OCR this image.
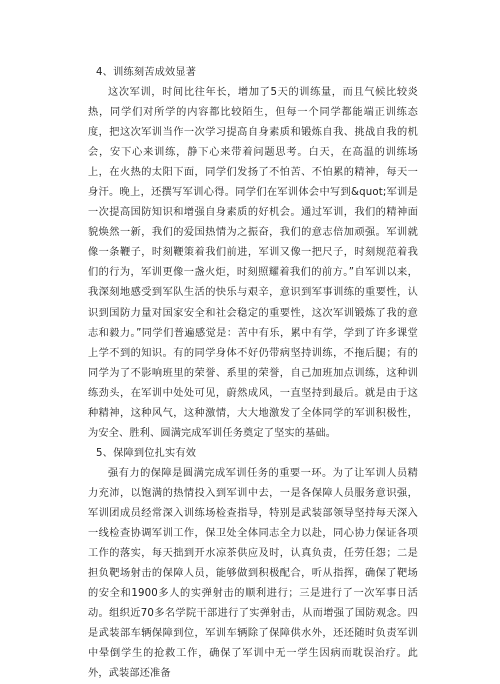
4、训练刻苦成效显著

这次军训，时间比往年长，增加了5天的训练量，而且气候比较炎热，同学们对所学的内容都比较陌生，但每一个同学都能端正训练态度，把这次军训当作一次学习提高自身素质和锻炼自我、挑战自我的机会，安下心来训练，静下心来带着问题思考。白天，在高温的训练场上，在火热的太阳下面，同学们发扬了不怕苦、不怕累的精神，每天一身汗。晚上，还撰写军训心得。同学们在军训体会中写到&quot;军训是一次提高国防知识和增强自身素质的好机会。通过军训，我们的精神面貌焕然一新，我们的爱国热情为之振奋，我们的意志倍加顽强。军训就像一条鞭子，时刻鞭策着我们前进，军训又像一把尺子，时刻规范着我们的行为，军训更像一盏火炬，时刻照耀着我们的前方。”自军训以来，我深刻地感受到军队生活的快乐与艰辛，意识到军事训练的重要性，认识到国防力量对国家安全和社会稳定的重要性，这次军训锻炼了我的意志和毅力。”同学们普遍感觉是：苦中有乐，累中有学，学到了许多课堂上学不到的知识。有的同学身体不好仍带病坚持训练，不拖后腿；有的同学为了不影响班里的荣誉、系里的荣誉，自己加班加点训练，这种训练劲头，在军训中处处可见，蔚然成风，一直坚持到最后。就是由于这种精神，这种风气，这种激情，大大地激发了全体同学的军训积极性，为安全、胜利、圆满完成军训任务奠定了坚实的基础。

5、保障到位扎实有效

强有力的保障是圆满完成军训任务的重要一环。为了让军训人员精力充沛，以饱满的热情投入到军训中去，一是各保障人员服务意识强，军训团成员经常深入训练场检查指导，特别是武装部领导坚持每天深入一线检查协调军训工作，保卫处全体同志全力以赴，同心协力保证各项工作的落实，每天拙到开水凉茶供应及时，认真负责，任劳任怨；二是担负靶场射击的保障人员，能够做到积极配合，听从指挥，确保了靶场的安全和1900多人的实弹射击的顺利进行；三是进行了一次军事日活动。组织近70多名学院干部进行了实弹射击，从而增强了国防观念。四是武装部车辆保障到位，军训车辆除了保障供水外，还还随时负责军训中晕倒学生的抢救工作，确保了军训中无一学生因病而耽误治疗。此外，武装部还准备
